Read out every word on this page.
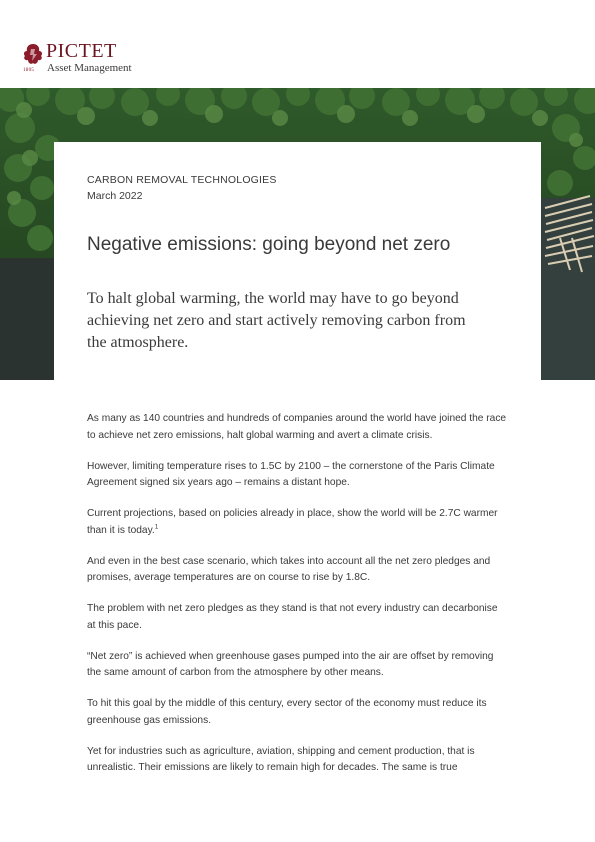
1805
PICTET
Asset Management
CARBON REMOVAL TECHNOLOGIES
March 2022
Negative emissions: going beyond net zero
To halt global warming, the world may have to go beyond achieving net zero and start actively removing carbon from the atmosphere.

As many as 140 countries and hundreds of companies around the world have joined the race to achieve net zero emissions, halt global warming and avert a climate crisis.

However, limiting temperature rises to 1.5C by 2100 – the cornerstone of the Paris Climate Agreement signed six years ago – remains a distant hope.

Current projections, based on policies already in place, show the world will be 2.7C warmer than it is today.$^1$

And even in the best case scenario, which takes into account all the net zero pledges and promises, average temperatures are on course to rise by 1.8C.

The problem with net zero pledges as they stand is that not every industry can decarbonise at this pace.

“Net zero” is achieved when greenhouse gases pumped into the air are offset by removing the same amount of carbon from the atmosphere by other means.

To hit this goal by the middle of this century, every sector of the economy must reduce its greenhouse gas emissions.

Yet for industries such as agriculture, aviation, shipping and cement production, that is unrealistic. Their emissions are likely to remain high for decades. The same is true
